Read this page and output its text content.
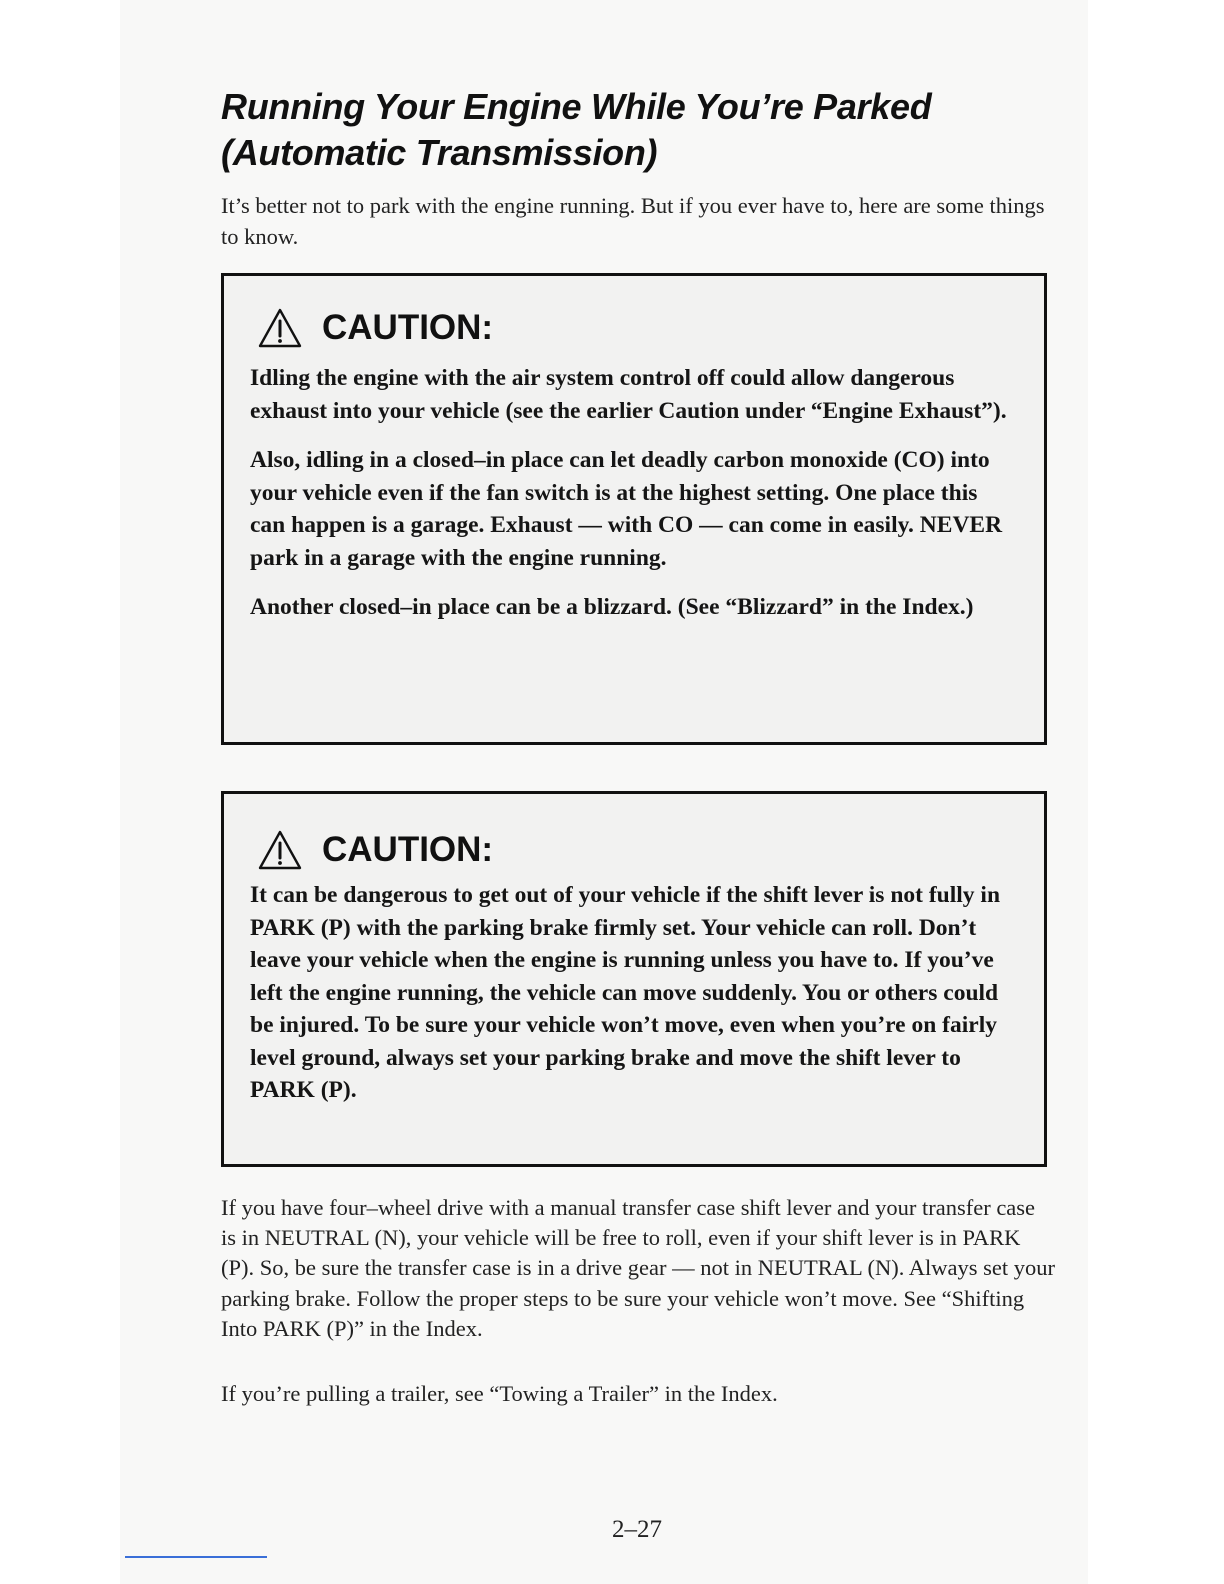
Running Your Engine While You’re Parked
(Automatic Transmission)

It’s better not to park with the engine running. But if you ever have to, here are some things to know.

CAUTION:

Idling the engine with the air system control off could allow dangerous exhaust into your vehicle (see the earlier Caution under “Engine Exhaust”).

Also, idling in a closed–in place can let deadly carbon monoxide (CO) into your vehicle even if the fan switch is at the highest setting. One place this can happen is a garage. Exhaust — with CO — can come in easily. NEVER park in a garage with the engine running.

Another closed–in place can be a blizzard. (See “Blizzard” in the Index.)

CAUTION:

It can be dangerous to get out of your vehicle if the shift lever is not fully in PARK (P) with the parking brake firmly set. Your vehicle can roll. Don’t leave your vehicle when the engine is running unless you have to. If you’ve left the engine running, the vehicle can move suddenly. You or others could be injured. To be sure your vehicle won’t move, even when you’re on fairly level ground, always set your parking brake and move the shift lever to PARK (P).

If you have four–wheel drive with a manual transfer case shift lever and your transfer case is in NEUTRAL (N), your vehicle will be free to roll, even if your shift lever is in PARK (P). So, be sure the transfer case is in a drive gear — not in NEUTRAL (N). Always set your parking brake. Follow the proper steps to be sure your vehicle won’t move. See “Shifting Into PARK (P)” in the Index.

If you’re pulling a trailer, see “Towing a Trailer” in the Index.

2–27
